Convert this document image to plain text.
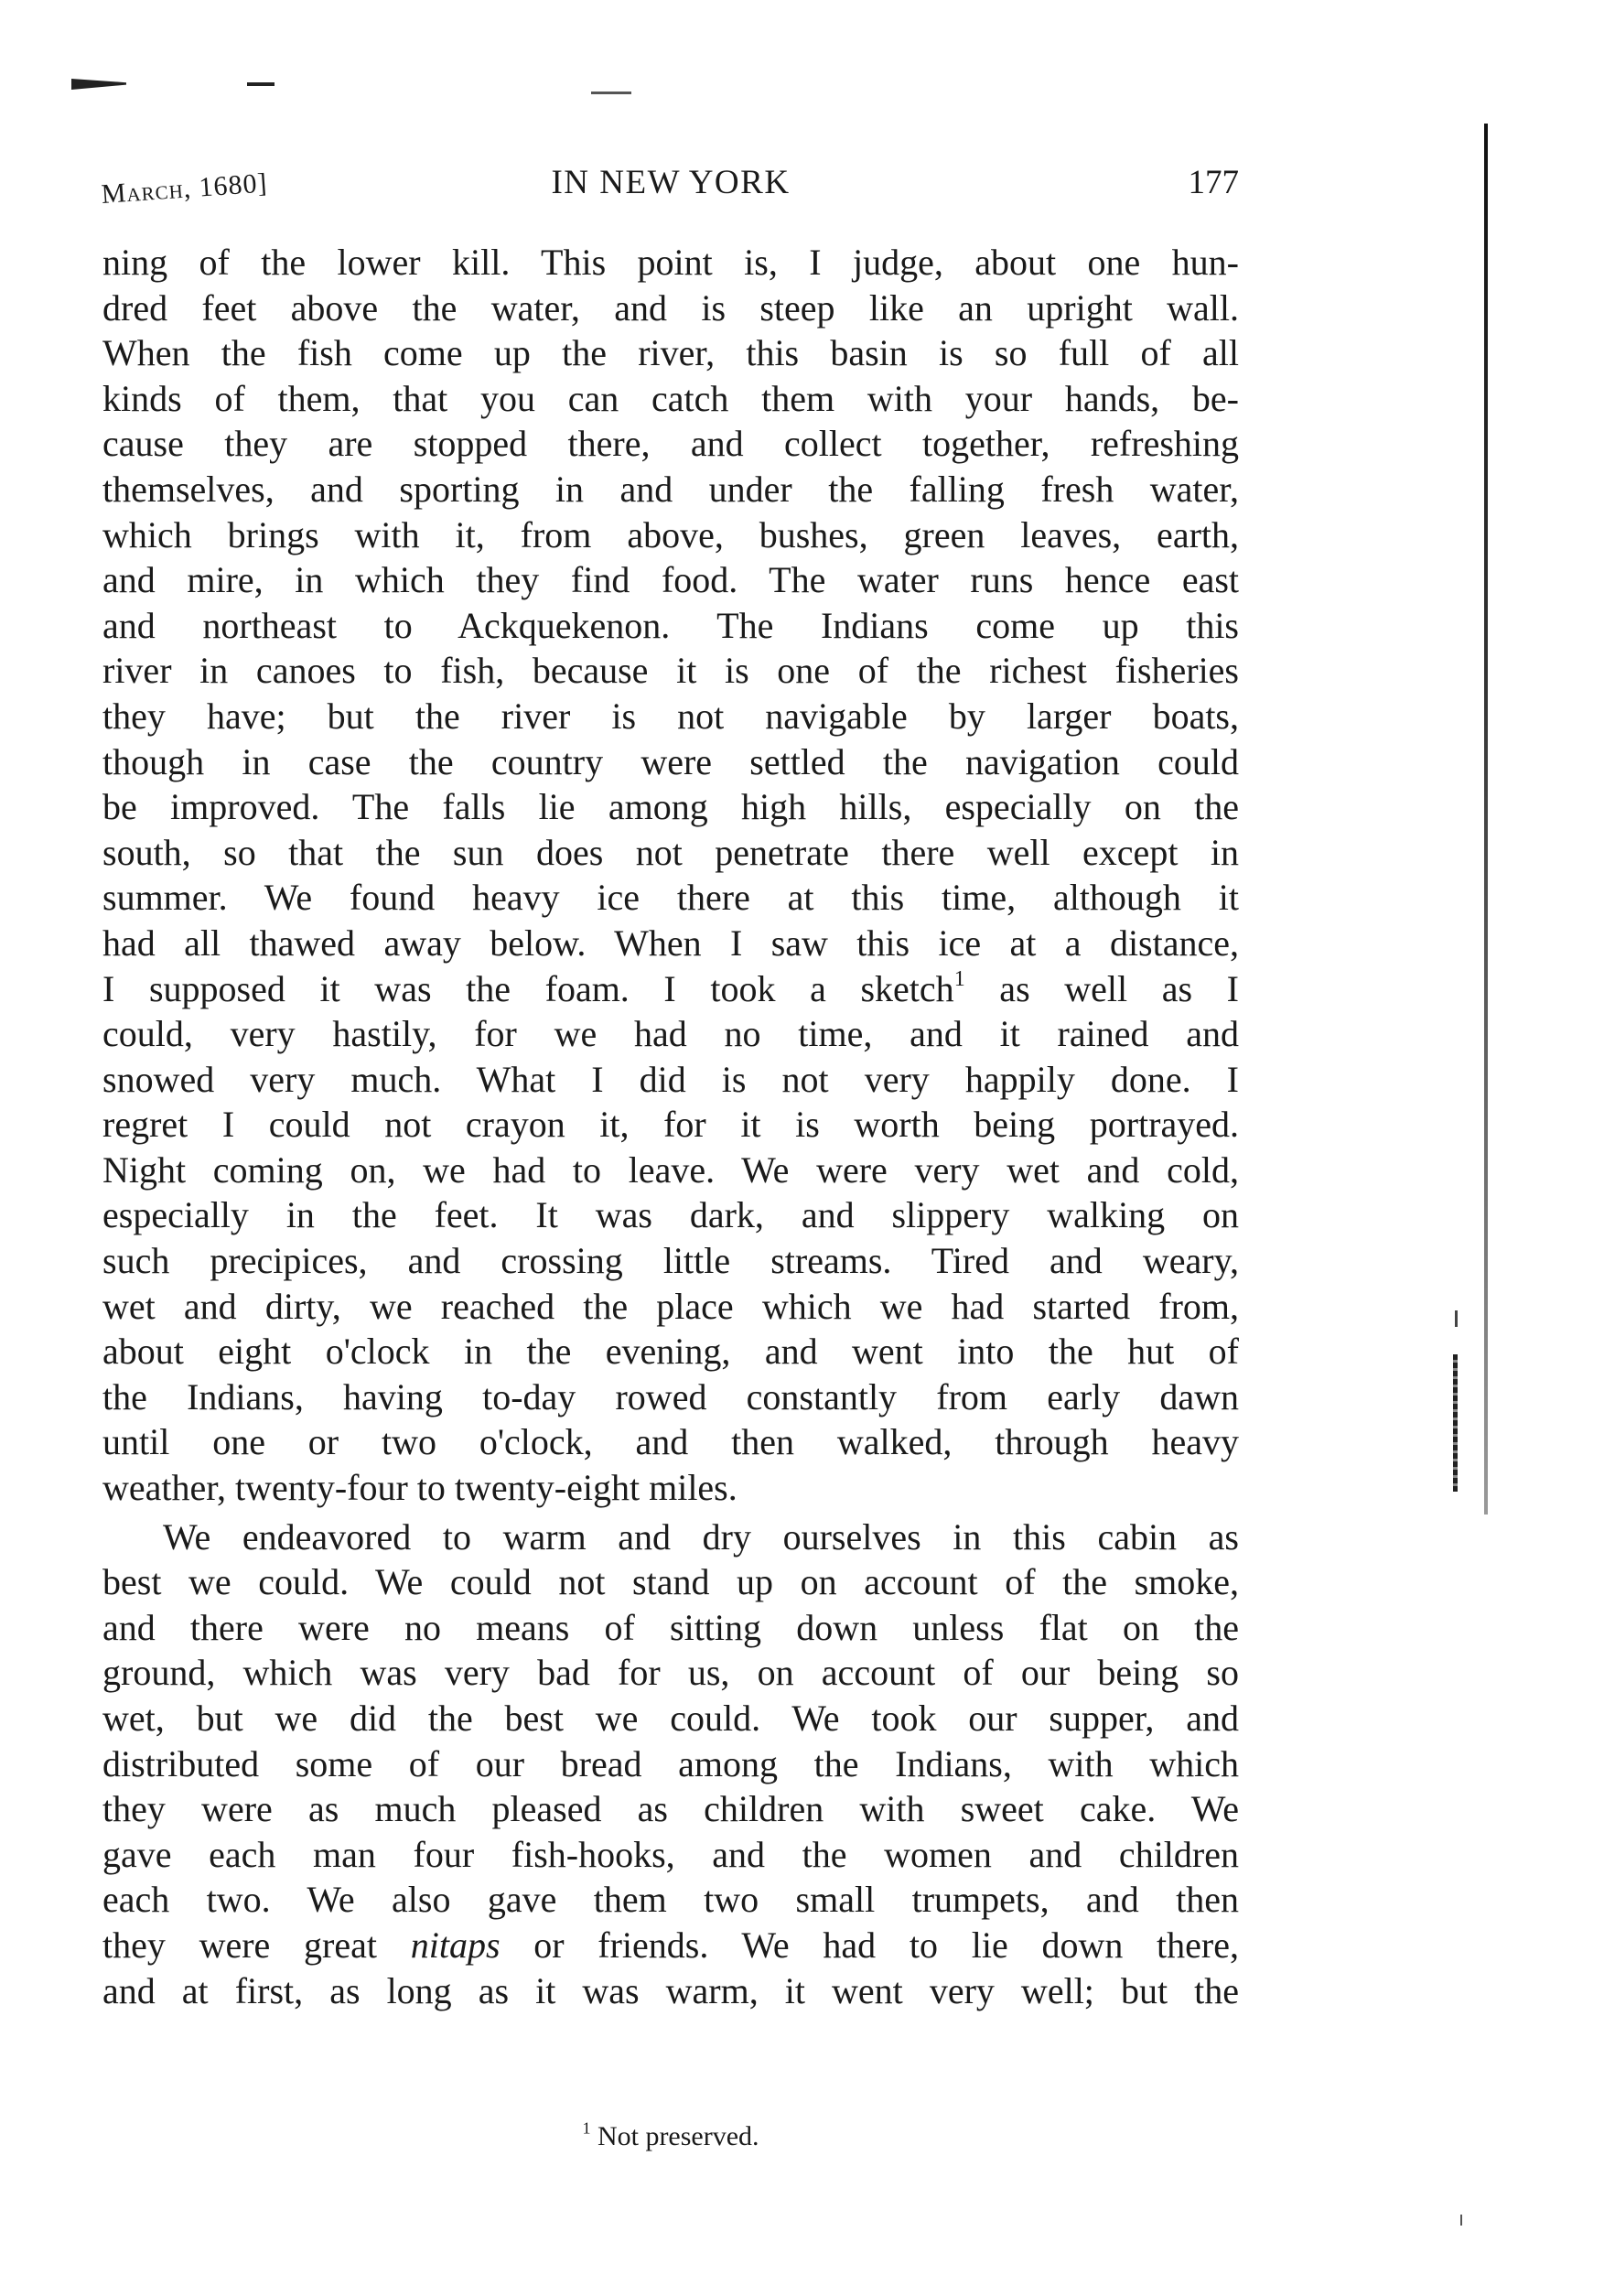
March, 1680]	IN NEW YORK	177
ning of the lower kill. This point is, I judge, about one hun-
dred feet above the water, and is steep like an upright wall.
When the fish come up the river, this basin is so full of all
kinds of them, that you can catch them with your hands, be-
cause they are stopped there, and collect together, refreshing
themselves, and sporting in and under the falling fresh water,
which brings with it, from above, bushes, green leaves, earth,
and mire, in which they find food. The water runs hence east
and northeast to Ackquekenon. The Indians come up this
river in canoes to fish, because it is one of the richest fisheries
they have; but the river is not navigable by larger boats,
though in case the country were settled the navigation could
be improved. The falls lie among high hills, especially on the
south, so that the sun does not penetrate there well except in
summer. We found heavy ice there at this time, although it
had all thawed away below. When I saw this ice at a distance,
I supposed it was the foam. I took a sketch$^1$ as well as I
could, very hastily, for we had no time, and it rained and
snowed very much. What I did is not very happily done. I
regret I could not crayon it, for it is worth being portrayed.
Night coming on, we had to leave. We were very wet and cold,
especially in the feet. It was dark, and slippery walking on
such precipices, and crossing little streams. Tired and weary,
wet and dirty, we reached the place which we had started from,
about eight o'clock in the evening, and went into the hut of
the Indians, having to-day rowed constantly from early dawn
until one or two o'clock, and then walked, through heavy
weather, twenty-four to twenty-eight miles.
We endeavored to warm and dry ourselves in this cabin as
best we could. We could not stand up on account of the smoke,
and there were no means of sitting down unless flat on the
ground, which was very bad for us, on account of our being so
wet, but we did the best we could. We took our supper, and
distributed some of our bread among the Indians, with which
they were as much pleased as children with sweet cake. We
gave each man four fish-hooks, and the women and children
each two. We also gave them two small trumpets, and then
they were great nitaps or friends. We had to lie down there,
and at first, as long as it was warm, it went very well; but the
$^1$ Not preserved.
